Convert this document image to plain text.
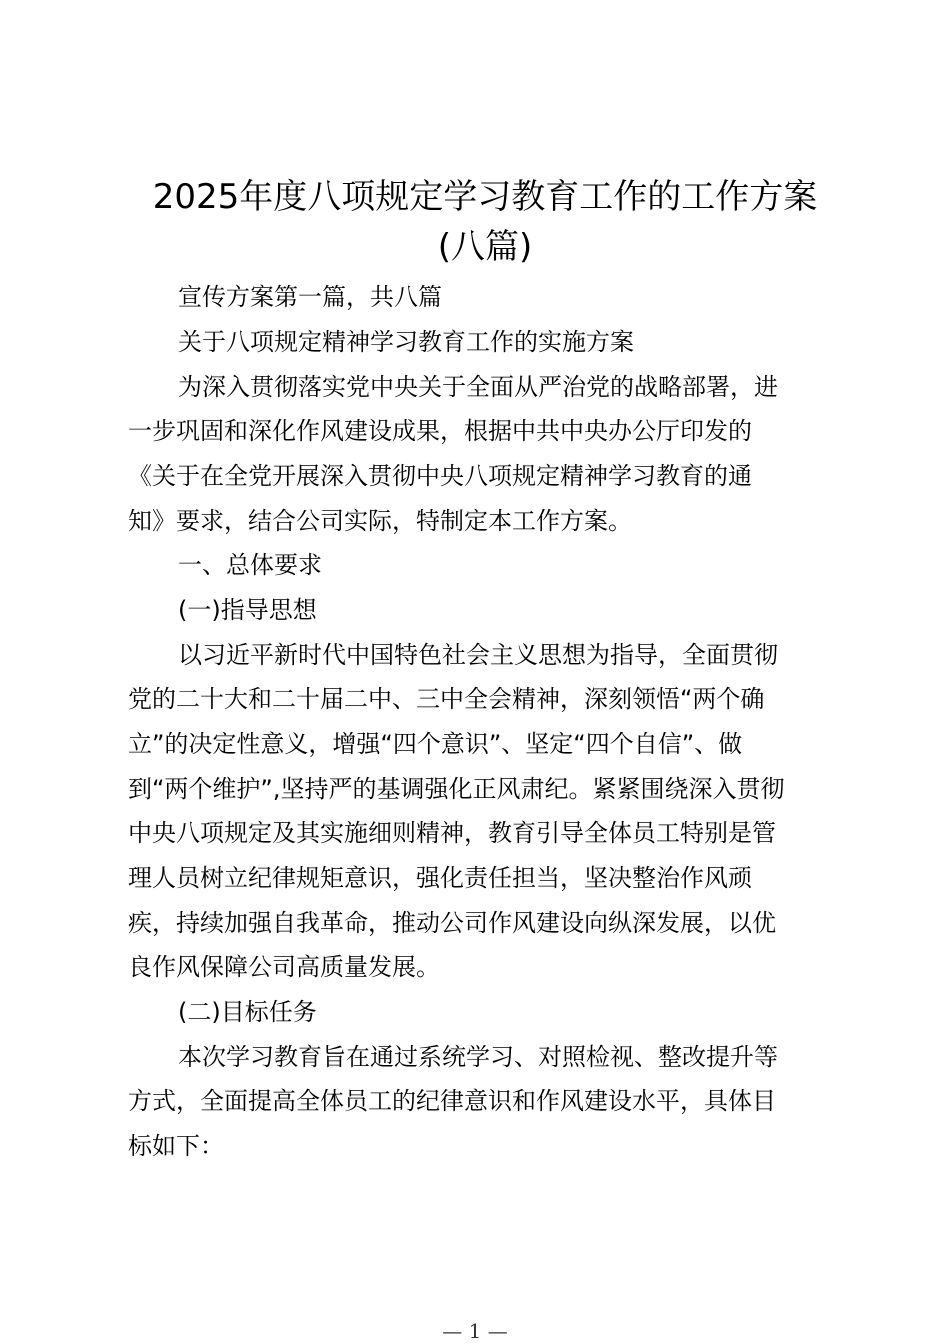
2025年度八项规定学习教育工作的工作方案
(八篇)

宣传方案第一篇，共八篇

关于八项规定精神学习教育工作的实施方案

为深入贯彻落实党中央关于全面从严治党的战略部署，进

一步巩固和深化作风建设成果，根据中共中央办公厅印发的

《关于在全党开展深入贯彻中央八项规定精神学习教育的通

知》要求，结合公司实际，特制定本工作方案。

一、总体要求

(一)指导思想

以习近平新时代中国特色社会主义思想为指导，全面贯彻

党的二十大和二十届二中、三中全会精神，深刻领悟“两个确

立”的决定性意义，增强“四个意识”、坚定“四个自信”、做

到“两个维护”,坚持严的基调强化正风肃纪。紧紧围绕深入贯彻

中央八项规定及其实施细则精神，教育引导全体员工特别是管

理人员树立纪律规矩意识，强化责任担当，坚决整治作风顽

疾，持续加强自我革命，推动公司作风建设向纵深发展，以优

良作风保障公司高质量发展。

(二)目标任务

本次学习教育旨在通过系统学习、对照检视、整改提升等

方式，全面提高全体员工的纪律意识和作风建设水平，具体目

标如下：

— 1 —
